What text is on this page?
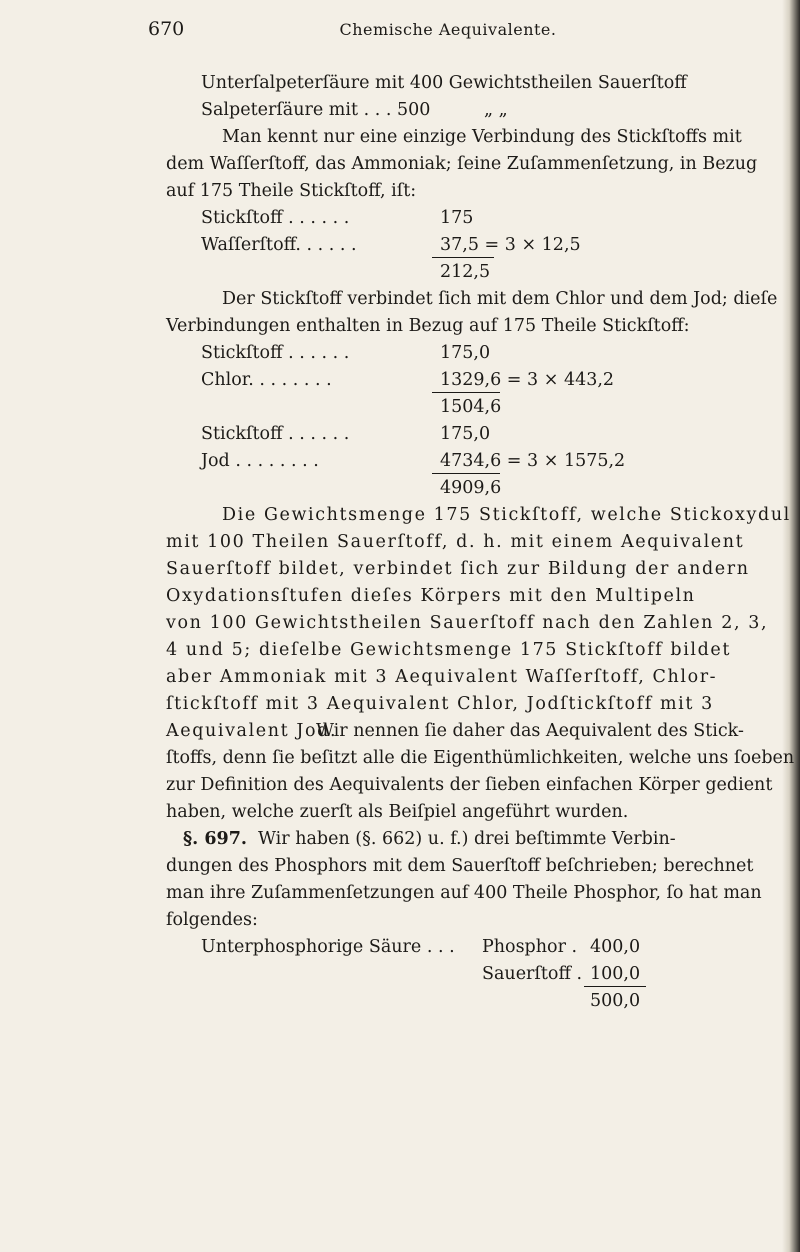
670	Chemische Aequivalente.
Unterſalpeterſäure mit 400 Gewichtstheilen Sauerſtoff
Salpeterſäure mit . . . 500	„ „
Man kennt nur eine einzige Verbindung des Stickſtoffs mit
dem Waſſerſtoff, das Ammoniak; ſeine Zuſammenſetzung, in Bezug
auf 175 Theile Stickſtoff, iſt:
Stickſtoff . . . . . .	175
Waſſerſtoff. . . . . .	37,5 = 3 × 12,5
212,5
Der Stickſtoff verbindet ſich mit dem Chlor und dem Jod; dieſe
Verbindungen enthalten in Bezug auf 175 Theile Stickſtoff:
Stickſtoff . . . . . .	175,0
Chlor. . . . . . . .	1329,6 = 3 × 443,2
1504,6
Stickſtoff . . . . . .	175,0
Jod . . . . . . . .	4734,6 = 3 × 1575,2
4909,6
Die Gewichtsmenge 175 Stickſtoff, welche Stickoxydul
mit 100 Theilen Sauerſtoff, d. h. mit einem Aequivalent
Sauerſtoff bildet, verbindet ſich zur Bildung der andern
Oxydationsſtufen dieſes Körpers mit den Multipeln
von 100 Gewichtstheilen Sauerſtoff nach den Zahlen 2, 3,
4 und 5; dieſelbe Gewichtsmenge 175 Stickſtoff bildet
aber Ammoniak mit 3 Aequivalent Waſſerſtoff, Chlor-
ſtickſtoff mit 3 Aequivalent Chlor, Jodſtickſtoff mit 3
Aequivalent Jod.
Wir nennen ſie daher das Aequivalent des Stick-
ſtoffs, denn ſie beſitzt alle die Eigenthümlichkeiten, welche uns ſoeben
zur Definition des Aequivalents der ſieben einfachen Körper gedient
haben, welche zuerſt als Beiſpiel angeführt wurden.
§. 697. Wir haben (§. 662) u. f.) drei beſtimmte Verbin-
dungen des Phosphors mit dem Sauerſtoff beſchrieben; berechnet
man ihre Zuſammenſetzungen auf 400 Theile Phosphor, ſo hat man
folgendes:
Unterphosphorige Säure . . . Phosphor . 400,0
Sauerſtoff . 100,0
500,0
